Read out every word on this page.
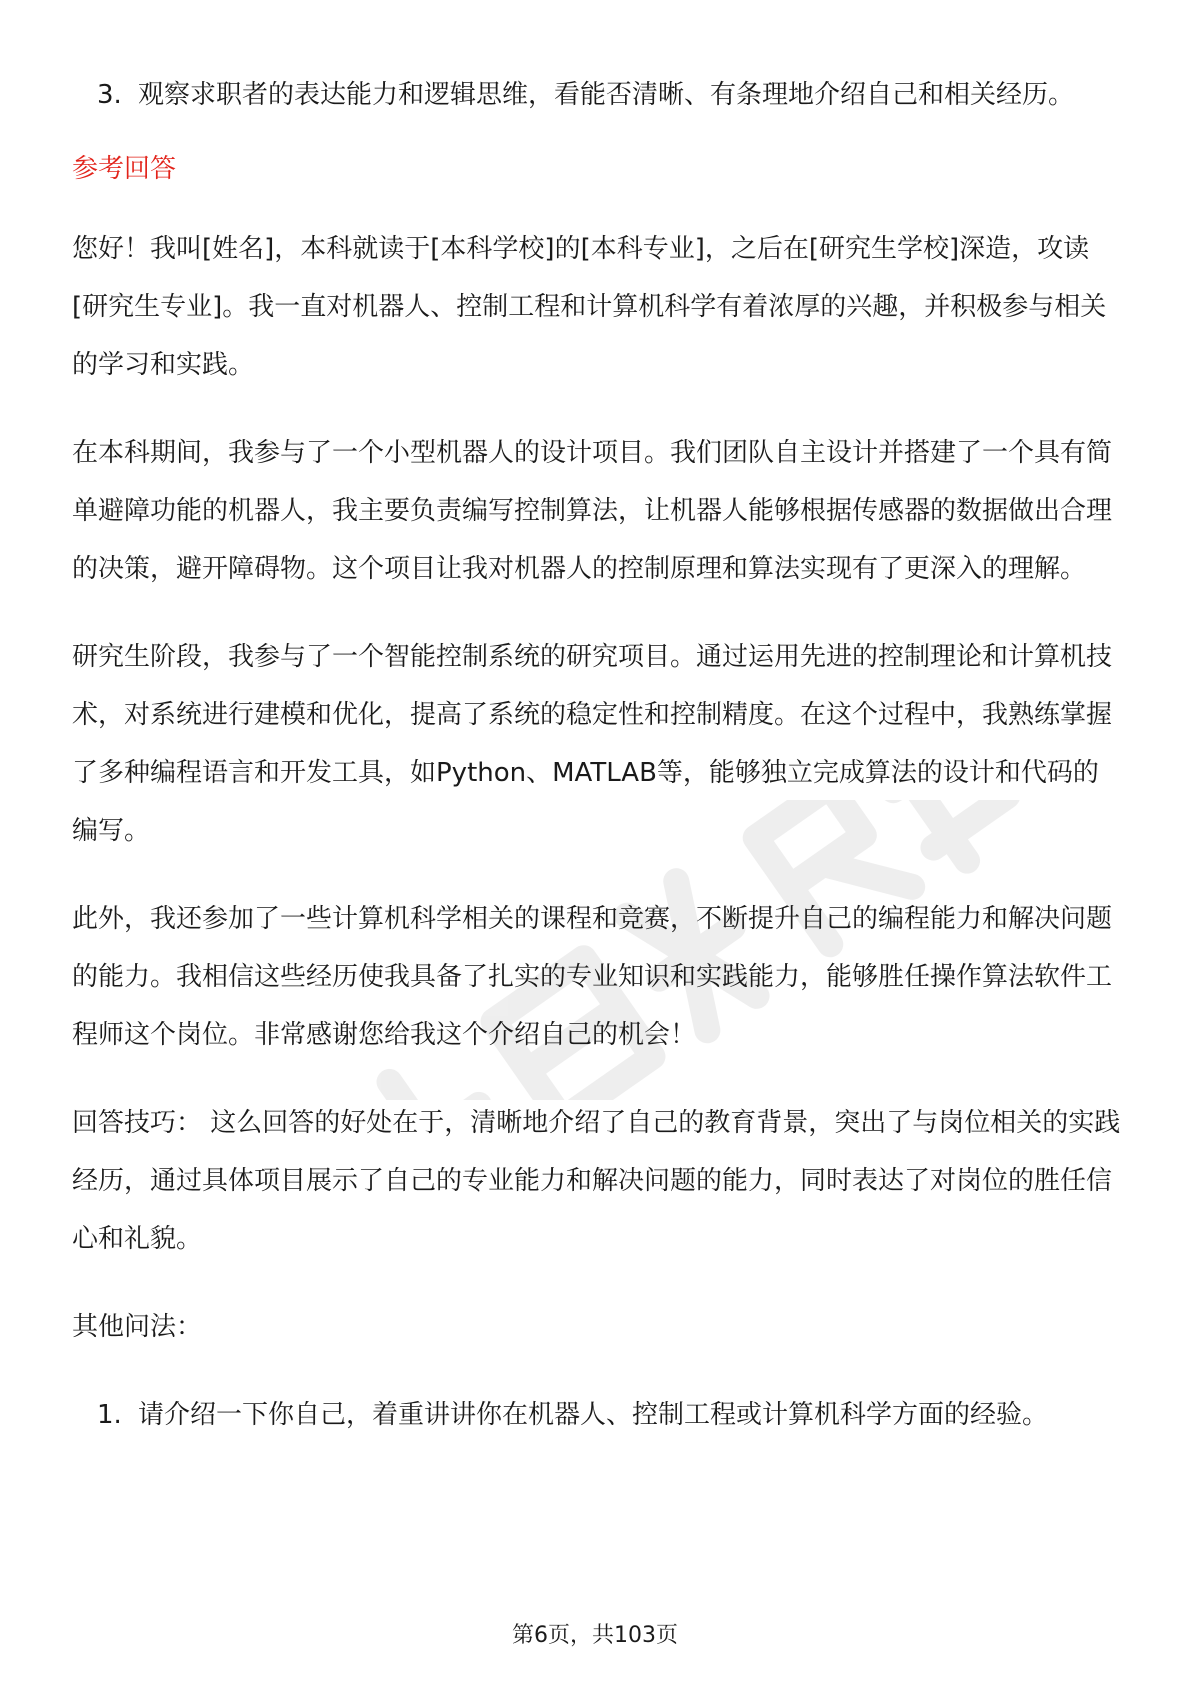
3. 观察求职者的表达能力和逻辑思维，看能否清晰、有条理地介绍自己和相关经历。
参考回答
您好！我叫[姓名]，本科就读于[本科学校]的[本科专业]，之后在[研究生学校]深造，攻读[研究生专业]。我一直对机器人、控制工程和计算机科学有着浓厚的兴趣，并积极参与相关的学习和实践。
在本科期间，我参与了一个小型机器人的设计项目。我们团队自主设计并搭建了一个具有简单避障功能的机器人，我主要负责编写控制算法，让机器人能够根据传感器的数据做出合理的决策，避开障碍物。这个项目让我对机器人的控制原理和算法实现有了更深入的理解。
研究生阶段，我参与了一个智能控制系统的研究项目。通过运用先进的控制理论和计算机技术，对系统进行建模和优化，提高了系统的稳定性和控制精度。在这个过程中，我熟练掌握了多种编程语言和开发工具，如Python、MATLAB等，能够独立完成算法的设计和代码的编写。
此外，我还参加了一些计算机科学相关的课程和竞赛，不断提升自己的编程能力和解决问题的能力。我相信这些经历使我具备了扎实的专业知识和实践能力，能够胜任操作算法软件工程师这个岗位。非常感谢您给我这个介绍自己的机会！
回答技巧： 这么回答的好处在于，清晰地介绍了自己的教育背景，突出了与岗位相关的实践经历，通过具体项目展示了自己的专业能力和解决问题的能力，同时表达了对岗位的胜任信心和礼貌。
其他问法：
1. 请介绍一下你自己，着重讲讲你在机器人、控制工程或计算机科学方面的经验。
第6页，共103页
